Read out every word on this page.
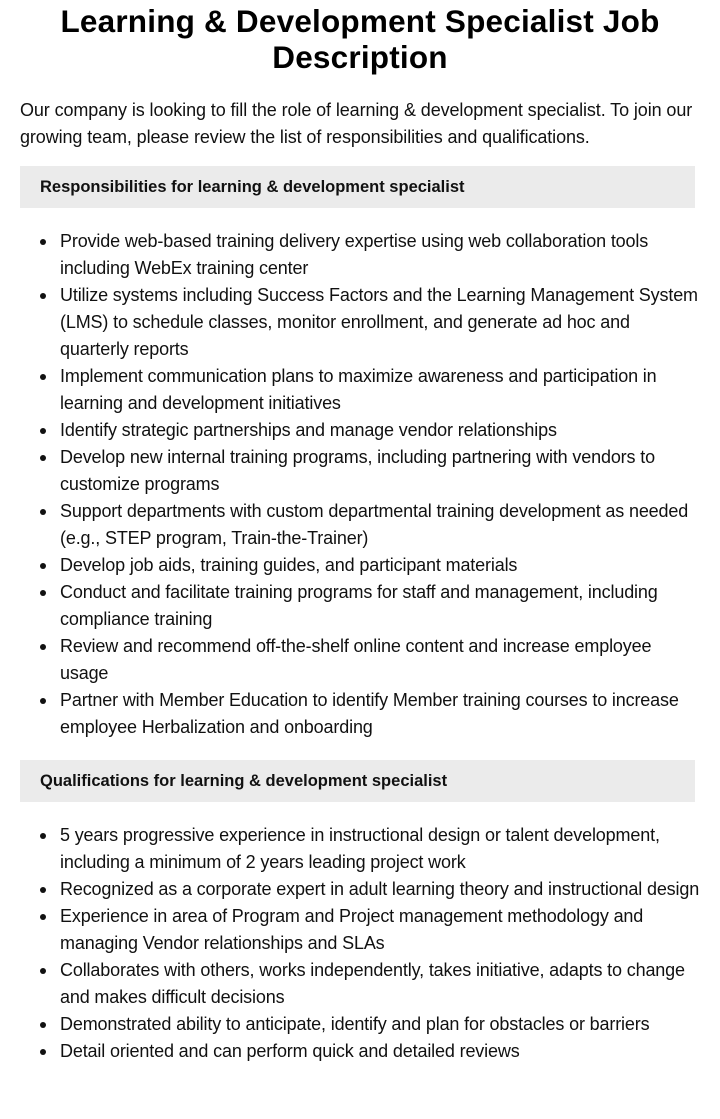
Learning & Development Specialist Job Description

Our company is looking to fill the role of learning & development specialist. To join our growing team, please review the list of responsibilities and qualifications.

Responsibilities for learning & development specialist
Provide web-based training delivery expertise using web collaboration tools including WebEx training center
Utilize systems including Success Factors and the Learning Management System (LMS) to schedule classes, monitor enrollment, and generate ad hoc and quarterly reports
Implement communication plans to maximize awareness and participation in learning and development initiatives
Identify strategic partnerships and manage vendor relationships
Develop new internal training programs, including partnering with vendors to customize programs
Support departments with custom departmental training development as needed (e.g., STEP program, Train-the-Trainer)
Develop job aids, training guides, and participant materials
Conduct and facilitate training programs for staff and management, including compliance training
Review and recommend off-the-shelf online content and increase employee usage
Partner with Member Education to identify Member training courses to increase employee Herbalization and onboarding
Qualifications for learning & development specialist
5 years progressive experience in instructional design or talent development, including a minimum of 2 years leading project work
Recognized as a corporate expert in adult learning theory and instructional design
Experience in area of Program and Project management methodology and managing Vendor relationships and SLAs
Collaborates with others, works independently, takes initiative, adapts to change and makes difficult decisions
Demonstrated ability to anticipate, identify and plan for obstacles or barriers
Detail oriented and can perform quick and detailed reviews
